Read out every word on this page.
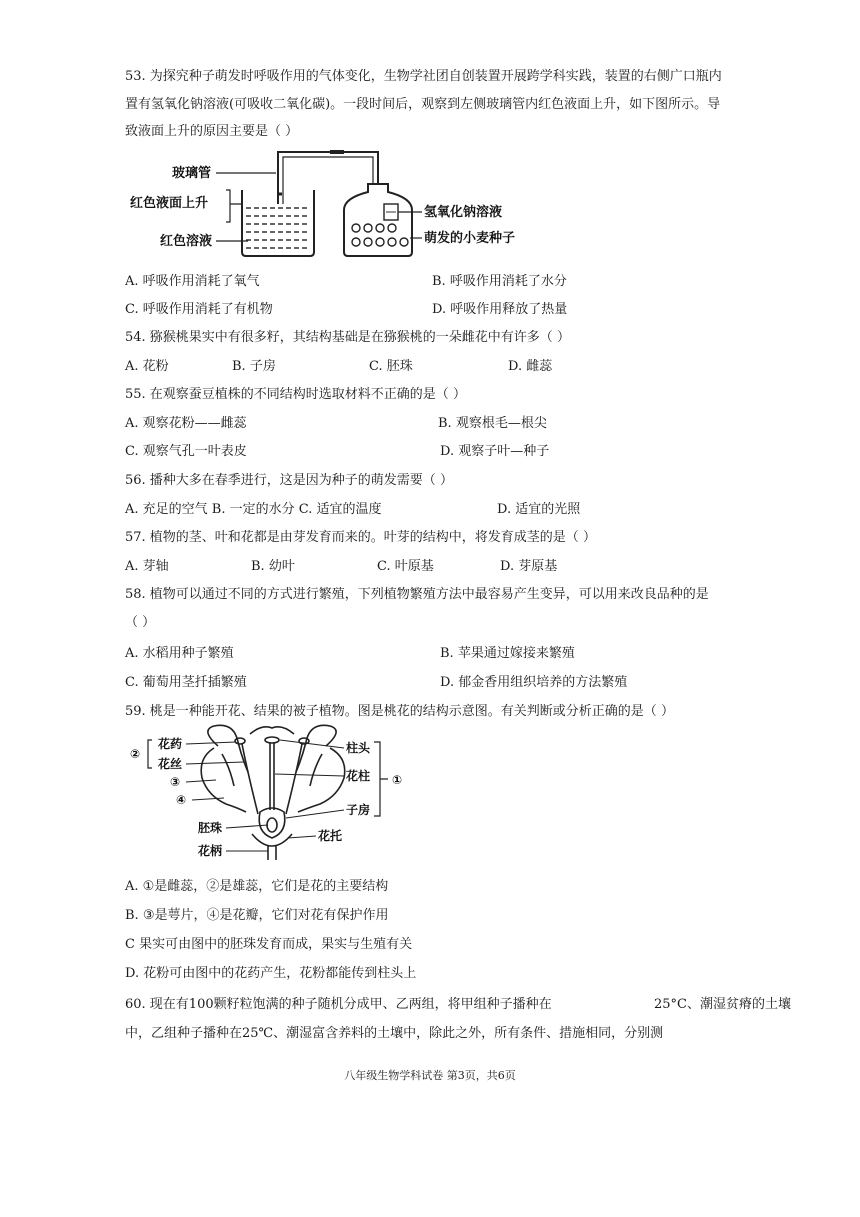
53. 为探究种子萌发时呼吸作用的气体变化，生物学社团自创装置开展跨学科实践，装置的右侧广口瓶内
置有氢氧化钠溶液(可吸收二氧化碳)。一段时间后，观察到左侧玻璃管内红色液面上升，如下图所示。导
致液面上升的原因主要是（ ）
玻璃管
红色液面上升
红色溶液
氢氧化钠溶液
萌发的小麦种子
A. 呼吸作用消耗了氧气	B. 呼吸作用消耗了水分
C. 呼吸作用消耗了有机物	D. 呼吸作用释放了热量
54. 猕猴桃果实中有很多籽，其结构基础是在猕猴桃的一朵雌花中有许多（ ）
A. 花粉	B. 子房	C. 胚珠	D. 雌蕊
55. 在观察蚕豆植株的不同结构时选取材料不正确的是（ ）
A. 观察花粉——雌蕊	B. 观察根毛—根尖
C. 观察气孔一叶表皮	D. 观察子叶—种子
56. 播种大多在春季进行，这是因为种子的萌发需要（ ）
A. 充足的空气 B. 一定的水分 C. 适宜的温度	D. 适宜的光照
57. 植物的茎、叶和花都是由芽发育而来的。叶芽的结构中，将发育成茎的是（ ）
A. 芽轴	B. 幼叶	C. 叶原基	D. 芽原基
58. 植物可以通过不同的方式进行繁殖，下列植物繁殖方法中最容易产生变异，可以用来改良品种的是
（ ）
A. 水稻用种子繁殖	B. 苹果通过嫁接来繁殖
C. 葡萄用茎扦插繁殖	D. 郁金香用组织培养的方法繁殖
59. 桃是一种能开花、结果的被子植物。图是桃花的结构示意图。有关判断或分析正确的是（ ）
②
花药
花丝
③
④
胚珠
花柄
柱头
花柱
子房
①
花托
A. ①是雌蕊，②是雄蕊，它们是花的主要结构
B. ③是萼片，④是花瓣，它们对花有保护作用
C 果实可由图中的胚珠发育而成，果实与生殖有关
D. 花粉可由图中的花药产生，花粉都能传到柱头上
60. 现在有100颗籽粒饱满的种子随机分成甲、乙两组，将甲组种子播种在	25°C、潮湿贫瘠的土壤
中，乙组种子播种在25℃、潮湿富含养料的土壤中，除此之外，所有条件、措施相同，分别测
八年级生物学科试卷 第3页，共6页
